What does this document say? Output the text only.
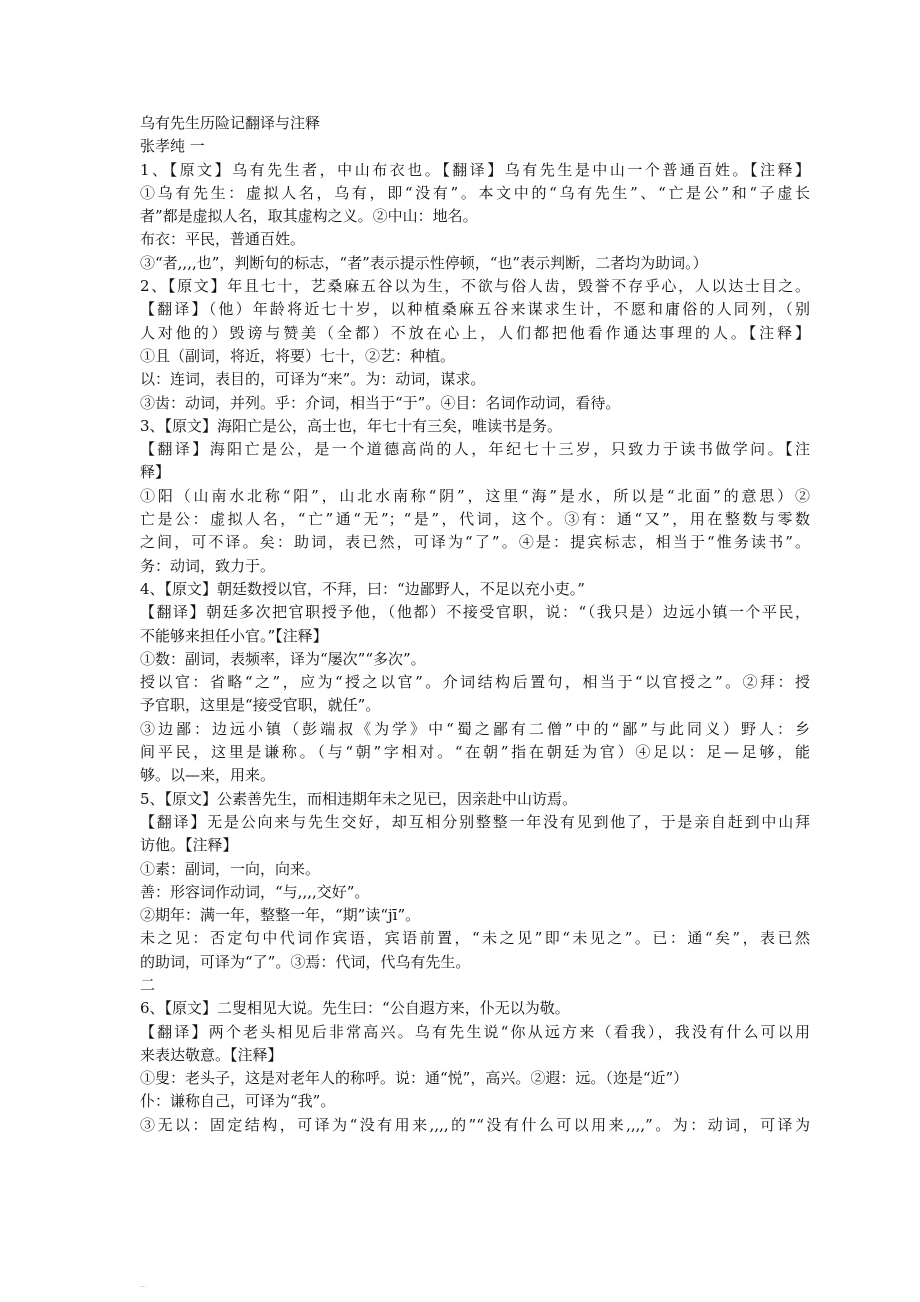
乌有先生历险记翻译与注释
张孝纯 一
1、【原文】乌有先生者，中山布衣也。【翻译】乌有先生是中山一个普通百姓。【注释】
①乌有先生：虚拟人名，乌有，即“没有”。本文中的“乌有先生”、“亡是公”和“子虚长
者”都是虚拟人名，取其虚构之义。②中山：地名。
布衣：平民，普通百姓。
③“者,,,,也”，判断句的标志，“者”表示提示性停顿，“也”表示判断，二者均为助词。）
2、【原文】年且七十，艺桑麻五谷以为生，不欲与俗人齿，毁誉不存乎心，人以达士目之。
【翻译】（他）年龄将近七十岁，以种植桑麻五谷来谋求生计，不愿和庸俗的人同列，（别
人对他的）毁谤与赞美（全都）不放在心上，人们都把他看作通达事理的人。【注释】
①且（副词，将近，将要）七十，②艺：种植。
以：连词，表目的，可译为“来”。为：动词，谋求。
③齿：动词，并列。乎：介词，相当于“于”。④目：名词作动词，看待。
3、【原文】海阳亡是公，高士也，年七十有三矣，唯读书是务。
【翻译】海阳亡是公，是一个道德高尚的人，年纪七十三岁，只致力于读书做学问。【注
释】
①阳（山南水北称“阳”，山北水南称“阴”，这里“海”是水，所以是“北面”的意思）②
亡是公：虚拟人名，“亡”通“无”；“是”，代词，这个。③有：通“又”，用在整数与零数
之间，可不译。矣：助词，表已然，可译为“了”。④是：提宾标志，相当于“惟务读书”。
务：动词，致力于。
4、【原文】朝廷数授以官，不拜，曰：“边鄙野人，不足以充小吏。”
【翻译】朝廷多次把官职授予他，（他都）不接受官职，说：“（我只是）边远小镇一个平民，
不能够来担任小官。”【注释】
①数：副词，表频率，译为“屡次”“多次”。
授以官：省略“之”，应为“授之以官”。介词结构后置句，相当于“以官授之”。②拜：授
予官职，这里是“接受官职，就任”。
③边鄙：边远小镇（彭端叔《为学》中“蜀之鄙有二僧”中的“鄙”与此同义）野人：乡
间平民，这里是谦称。（与“朝”字相对。“在朝”指在朝廷为官）④足以：足—足够，能
够。以—来，用来。
5、【原文】公素善先生，而相违期年未之见已，因亲赴中山访焉。
【翻译】无是公向来与先生交好，却互相分别整整一年没有见到他了，于是亲自赶到中山拜
访他。【注释】
①素：副词，一向，向来。
善：形容词作动词，“与,,,,交好”。
②期年：满一年，整整一年，“期”读“jī”。
未之见：否定句中代词作宾语，宾语前置，“未之见”即“未见之”。已：通“矣”，表已然
的助词，可译为“了”。③焉：代词，代乌有先生。
二
6、【原文】二叟相见大说。先生曰：“公自遐方来，仆无以为敬。
【翻译】两个老头相见后非常高兴。乌有先生说“你从远方来（看我），我没有什么可以用
来表达敬意。【注释】
①叟：老头子，这是对老年人的称呼。说：通“悦”，高兴。②遐：远。（迩是“近”）
仆：谦称自己，可译为“我”。
③无以：固定结构，可译为“没有用来,,,,的”“没有什么可以用来,,,,”。为：动词，可译为
